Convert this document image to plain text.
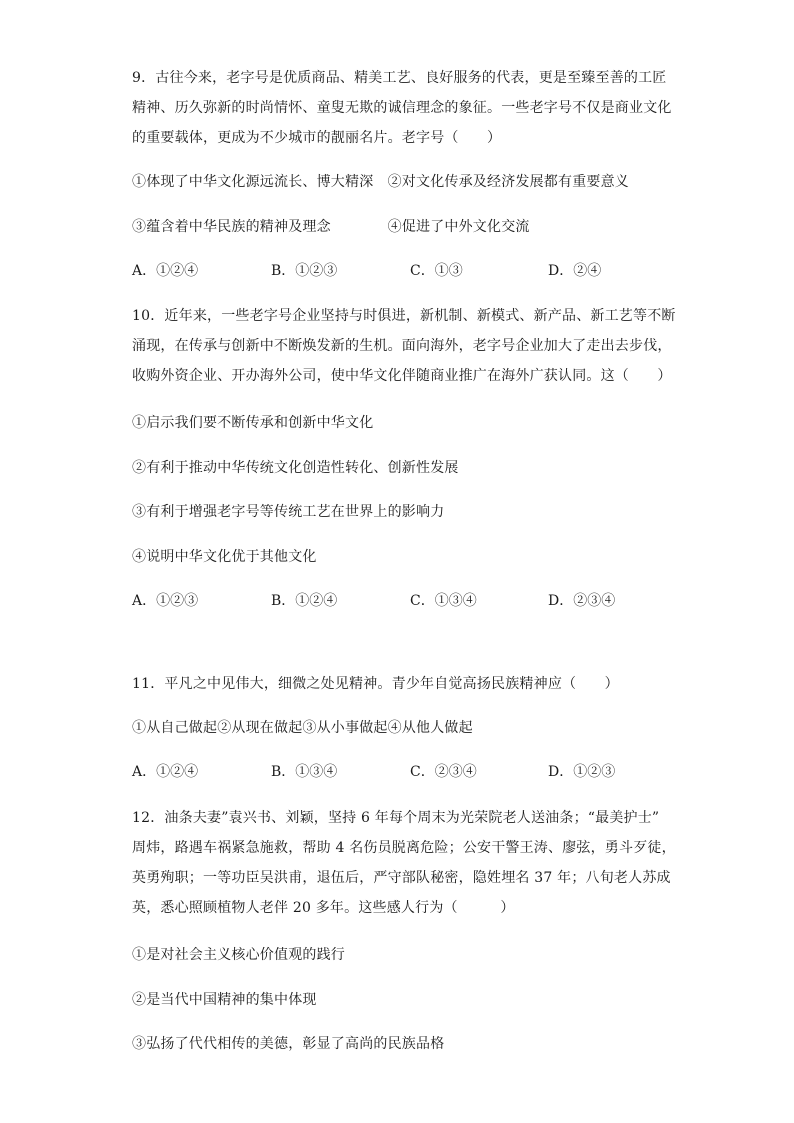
9．古往今来，老字号是优质商品、精美工艺、良好服务的代表，更是至臻至善的工匠
精神、历久弥新的时尚情怀、童叟无欺的诚信理念的象征。一些老字号不仅是商业文化
的重要载体，更成为不少城市的靓丽名片。老字号（　　）
①体现了中华文化源远流长、博大精深　②对文化传承及经济发展都有重要意义
③蕴含着中华民族的精神及理念　　　　④促进了中外文化交流
A．①②④	B．①②③	C．①③	D．②④
10．近年来，一些老字号企业坚持与时俱进，新机制、新模式、新产品、新工艺等不断
涌现，在传承与创新中不断焕发新的生机。面向海外，老字号企业加大了走出去步伐，
收购外资企业、开办海外公司，使中华文化伴随商业推广在海外广获认同。这（　　）
①启示我们要不断传承和创新中华文化
②有利于推动中华传统文化创造性转化、创新性发展
③有利于增强老字号等传统工艺在世界上的影响力
④说明中华文化优于其他文化
A．①②③	B．①②④	C．①③④	D．②③④
11．平凡之中见伟大，细微之处见精神。青少年自觉高扬民族精神应（　　）
①从自己做起②从现在做起③从小事做起④从他人做起
A．①②④	B．①③④	C．②③④	D．①②③
12．油条夫妻”袁兴书、刘颖，坚持 6 年每个周末为光荣院老人送油条；“最美护士”
周炜，路遇车祸紧急施救，帮助 4 名伤员脱离危险；公安干警王涛、廖弦，勇斗歹徒，
英勇殉职；一等功臣吴洪甫，退伍后，严守部队秘密，隐姓埋名 37 年；八旬老人苏成
英，悉心照顾植物人老伴 20 多年。这些感人行为（　　　）
①是对社会主义核心价值观的践行
②是当代中国精神的集中体现
③弘扬了代代相传的美德，彰显了高尚的民族品格
